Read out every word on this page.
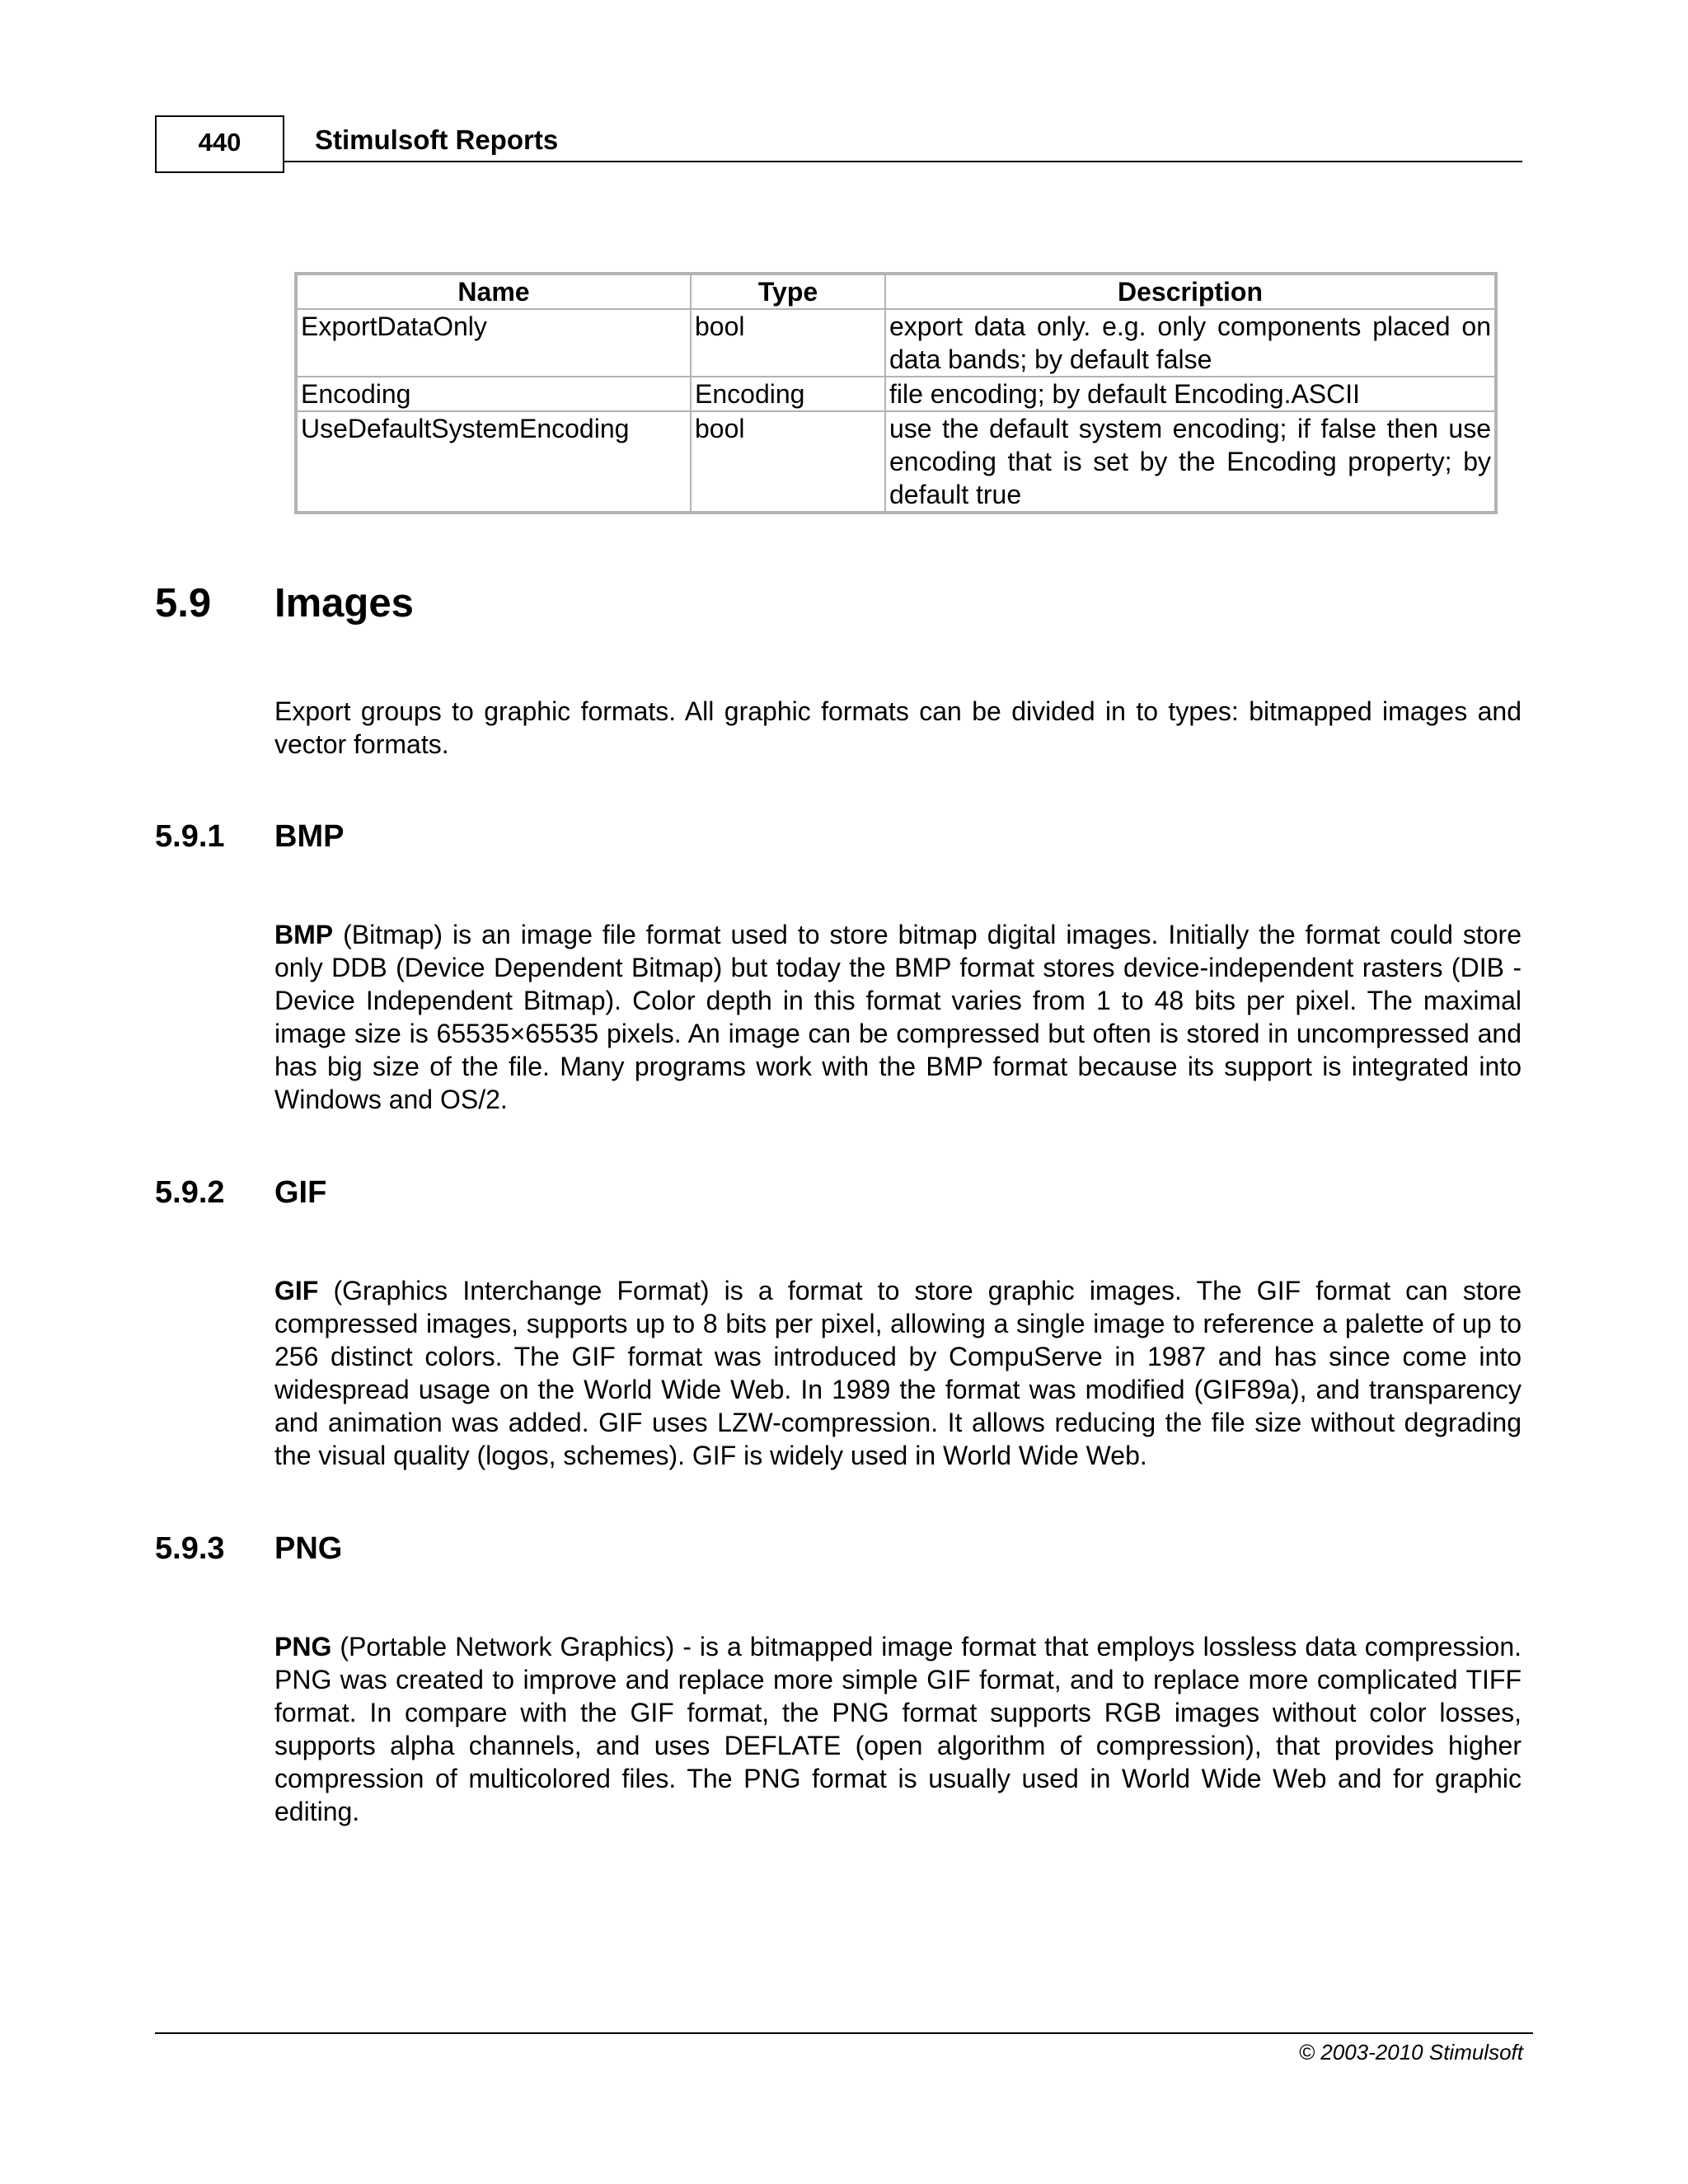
440	Stimulsoft Reports
Name	Type	Description
ExportDataOnly	bool	export data only. e.g. only components placed on data bands; by default false
Encoding	Encoding	file encoding; by default Encoding.ASCII
UseDefaultSystemEncoding	bool	use the default system encoding; if false then use encoding that is set by the Encoding property; by default true
5.9 Images

Export groups to graphic formats. All graphic formats can be divided in to types: bitmapped images and vector formats.

5.9.1 BMP

BMP (Bitmap) is an image file format used to store bitmap digital images. Initially the format could store only DDB (Device Dependent Bitmap) but today the BMP format stores device-independent rasters (DIB - Device Independent Bitmap). Color depth in this format varies from 1 to 48 bits per pixel. The maximal image size is 65535×65535 pixels. An image can be compressed but often is stored in uncompressed and has big size of the file. Many programs work with the BMP format because its support is integrated into Windows and OS/2.

5.9.2 GIF

GIF (Graphics Interchange Format) is a format to store graphic images. The GIF format can store compressed images, supports up to 8 bits per pixel, allowing a single image to reference a palette of up to 256 distinct colors. The GIF format was introduced by CompuServe in 1987 and has since come into widespread usage on the World Wide Web. In 1989 the format was modified (GIF89a), and transparency and animation was added. GIF uses LZW-compression. It allows reducing the file size without degrading the visual quality (logos, schemes). GIF is widely used in World Wide Web.

5.9.3 PNG

PNG (Portable Network Graphics) - is a bitmapped image format that employs lossless data compression. PNG was created to improve and replace more simple GIF format, and to replace more complicated TIFF format. In compare with the GIF format, the PNG format supports RGB images without color losses, supports alpha channels, and uses DEFLATE (open algorithm of compression), that provides higher compression of multicolored files. The PNG format is usually used in World Wide Web and for graphic editing.

© 2003-2010 Stimulsoft
